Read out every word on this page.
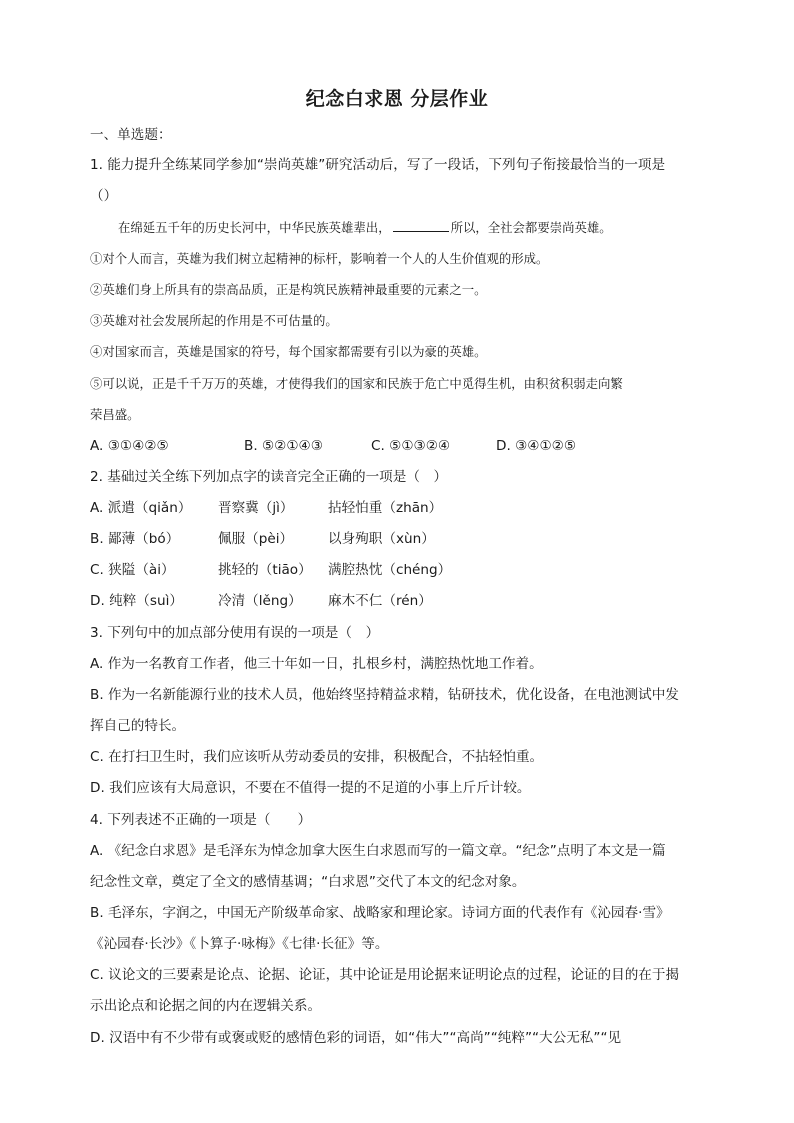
纪念白求恩 分层作业
一、单选题：
1. 能力提升全练某同学参加“崇尚英雄”研究活动后，写了一段话，下列句子衔接最恰当的一项是
（）
在绵延五千年的历史长河中，中华民族英雄辈出，	所以，全社会都要崇尚英雄。
①对个人而言，英雄为我们树立起精神的标杆，影响着一个人的人生价值观的形成。
②英雄们身上所具有的崇高品质，正是构筑民族精神最重要的元素之一。
③英雄对社会发展所起的作用是不可估量的。
④对国家而言，英雄是国家的符号，每个国家都需要有引以为豪的英雄。
⑤可以说，正是千千万万的英雄，才使得我们的国家和民族于危亡中觅得生机，由积贫积弱走向繁
荣昌盛。
A. ③①④②⑤	B. ⑤②①④③	C. ⑤①③②④	D. ③④①②⑤
2. 基础过关全练下列加点字的读音完全正确的一项是（　）
A. 派遣（qiǎn） 晋察冀（jì）	拈轻怕重（zhān）
B. 鄙薄（bó）	佩服（pèi）	以身殉职（xùn）
C. 狭隘（ài）	挑轻的（tiāo） 满腔热忱（chéng）
D. 纯粹（suì）	冷清（lěng） 麻木不仁（rén）
3. 下列句中的加点部分使用有误的一项是（　）
A. 作为一名教育工作者，他三十年如一日，扎根乡村，满腔热忱地工作着。
B. 作为一名新能源行业的技术人员，他始终坚持精益求精，钻研技术，优化设备，在电池测试中发
挥自己的特长。
C. 在打扫卫生时，我们应该听从劳动委员的安排，积极配合，不拈轻怕重。
D. 我们应该有大局意识，不要在不值得一提的不足道的小事上斤斤计较。
4. 下列表述不正确的一项是（　　）
A. 《纪念白求恩》是毛泽东为悼念加拿大医生白求恩而写的一篇文章。“纪念”点明了本文是一篇
纪念性文章，奠定了全文的感情基调；“白求恩”交代了本文的纪念对象。
B. 毛泽东，字润之，中国无产阶级革命家、战略家和理论家。诗词方面的代表作有《沁园春·雪》
《沁园春·长沙》《卜算子·咏梅》《七律·长征》等。
C. 议论文的三要素是论点、论据、论证，其中论证是用论据来证明论点的过程，论证的目的在于揭
示出论点和论据之间的内在逻辑关系。
D. 汉语中有不少带有或褒或贬的感情色彩的词语，如“伟大”“高尚”“纯粹”“大公无私”“见
